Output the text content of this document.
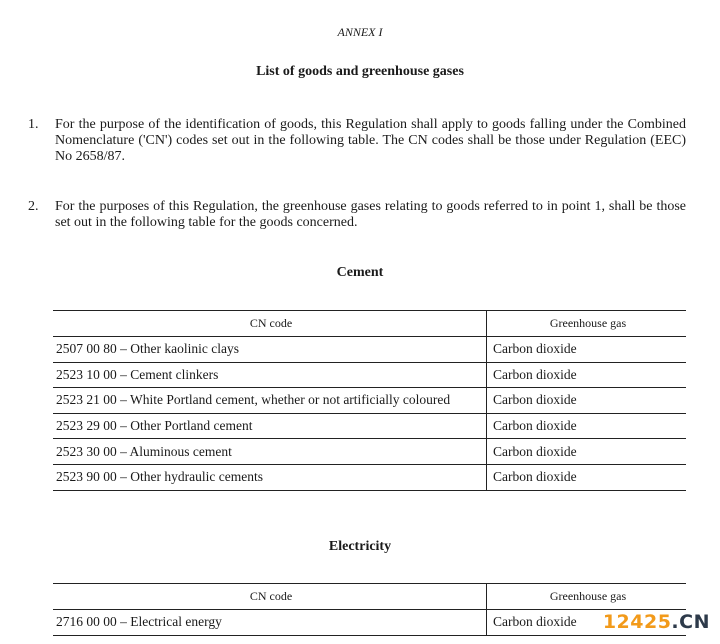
ANNEX I
List of goods and greenhouse gases
1. For the purpose of the identification of goods, this Regulation shall apply to goods falling under the Combined Nomenclature ('CN') codes set out in the following table. The CN codes shall be those under Regulation (EEC) No 2658/87.
2. For the purposes of this Regulation, the greenhouse gases relating to goods referred to in point 1, shall be those set out in the following table for the goods concerned.
Cement
CN code	Greenhouse gas
2507 00 80 – Other kaolinic clays	Carbon dioxide
2523 10 00 – Cement clinkers	Carbon dioxide
2523 21 00 – White Portland cement, whether or not artificially coloured	Carbon dioxide
2523 29 00 – Other Portland cement	Carbon dioxide
2523 30 00 – Aluminous cement	Carbon dioxide
2523 90 00 – Other hydraulic cements	Carbon dioxide
Electricity
CN code	Greenhouse gas
2716 00 00 – Electrical energy	Carbon dioxide 12425.CN
